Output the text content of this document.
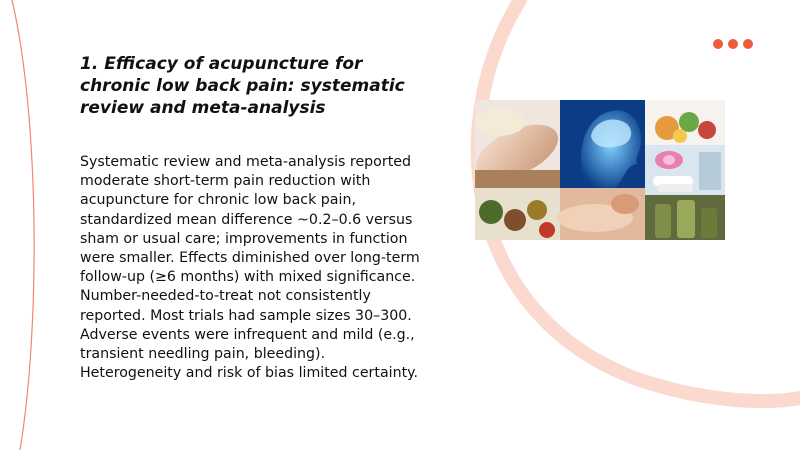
1. Efficacy of acupuncture for chronic low back pain: systematic review and meta-analysis

Systematic review and meta-analysis reported moderate short-term pain reduction with acupuncture for chronic low back pain, standardized mean difference ~0.2–0.6 versus sham or usual care; improvements in function were smaller. Effects diminished over long-term follow-up (≥6 months) with mixed significance. Number-needed-to-treat not consistently reported. Most trials had sample sizes 30–300. Adverse events were infrequent and mild (e.g., transient needling pain, bleeding). Heterogeneity and risk of bias limited certainty.
